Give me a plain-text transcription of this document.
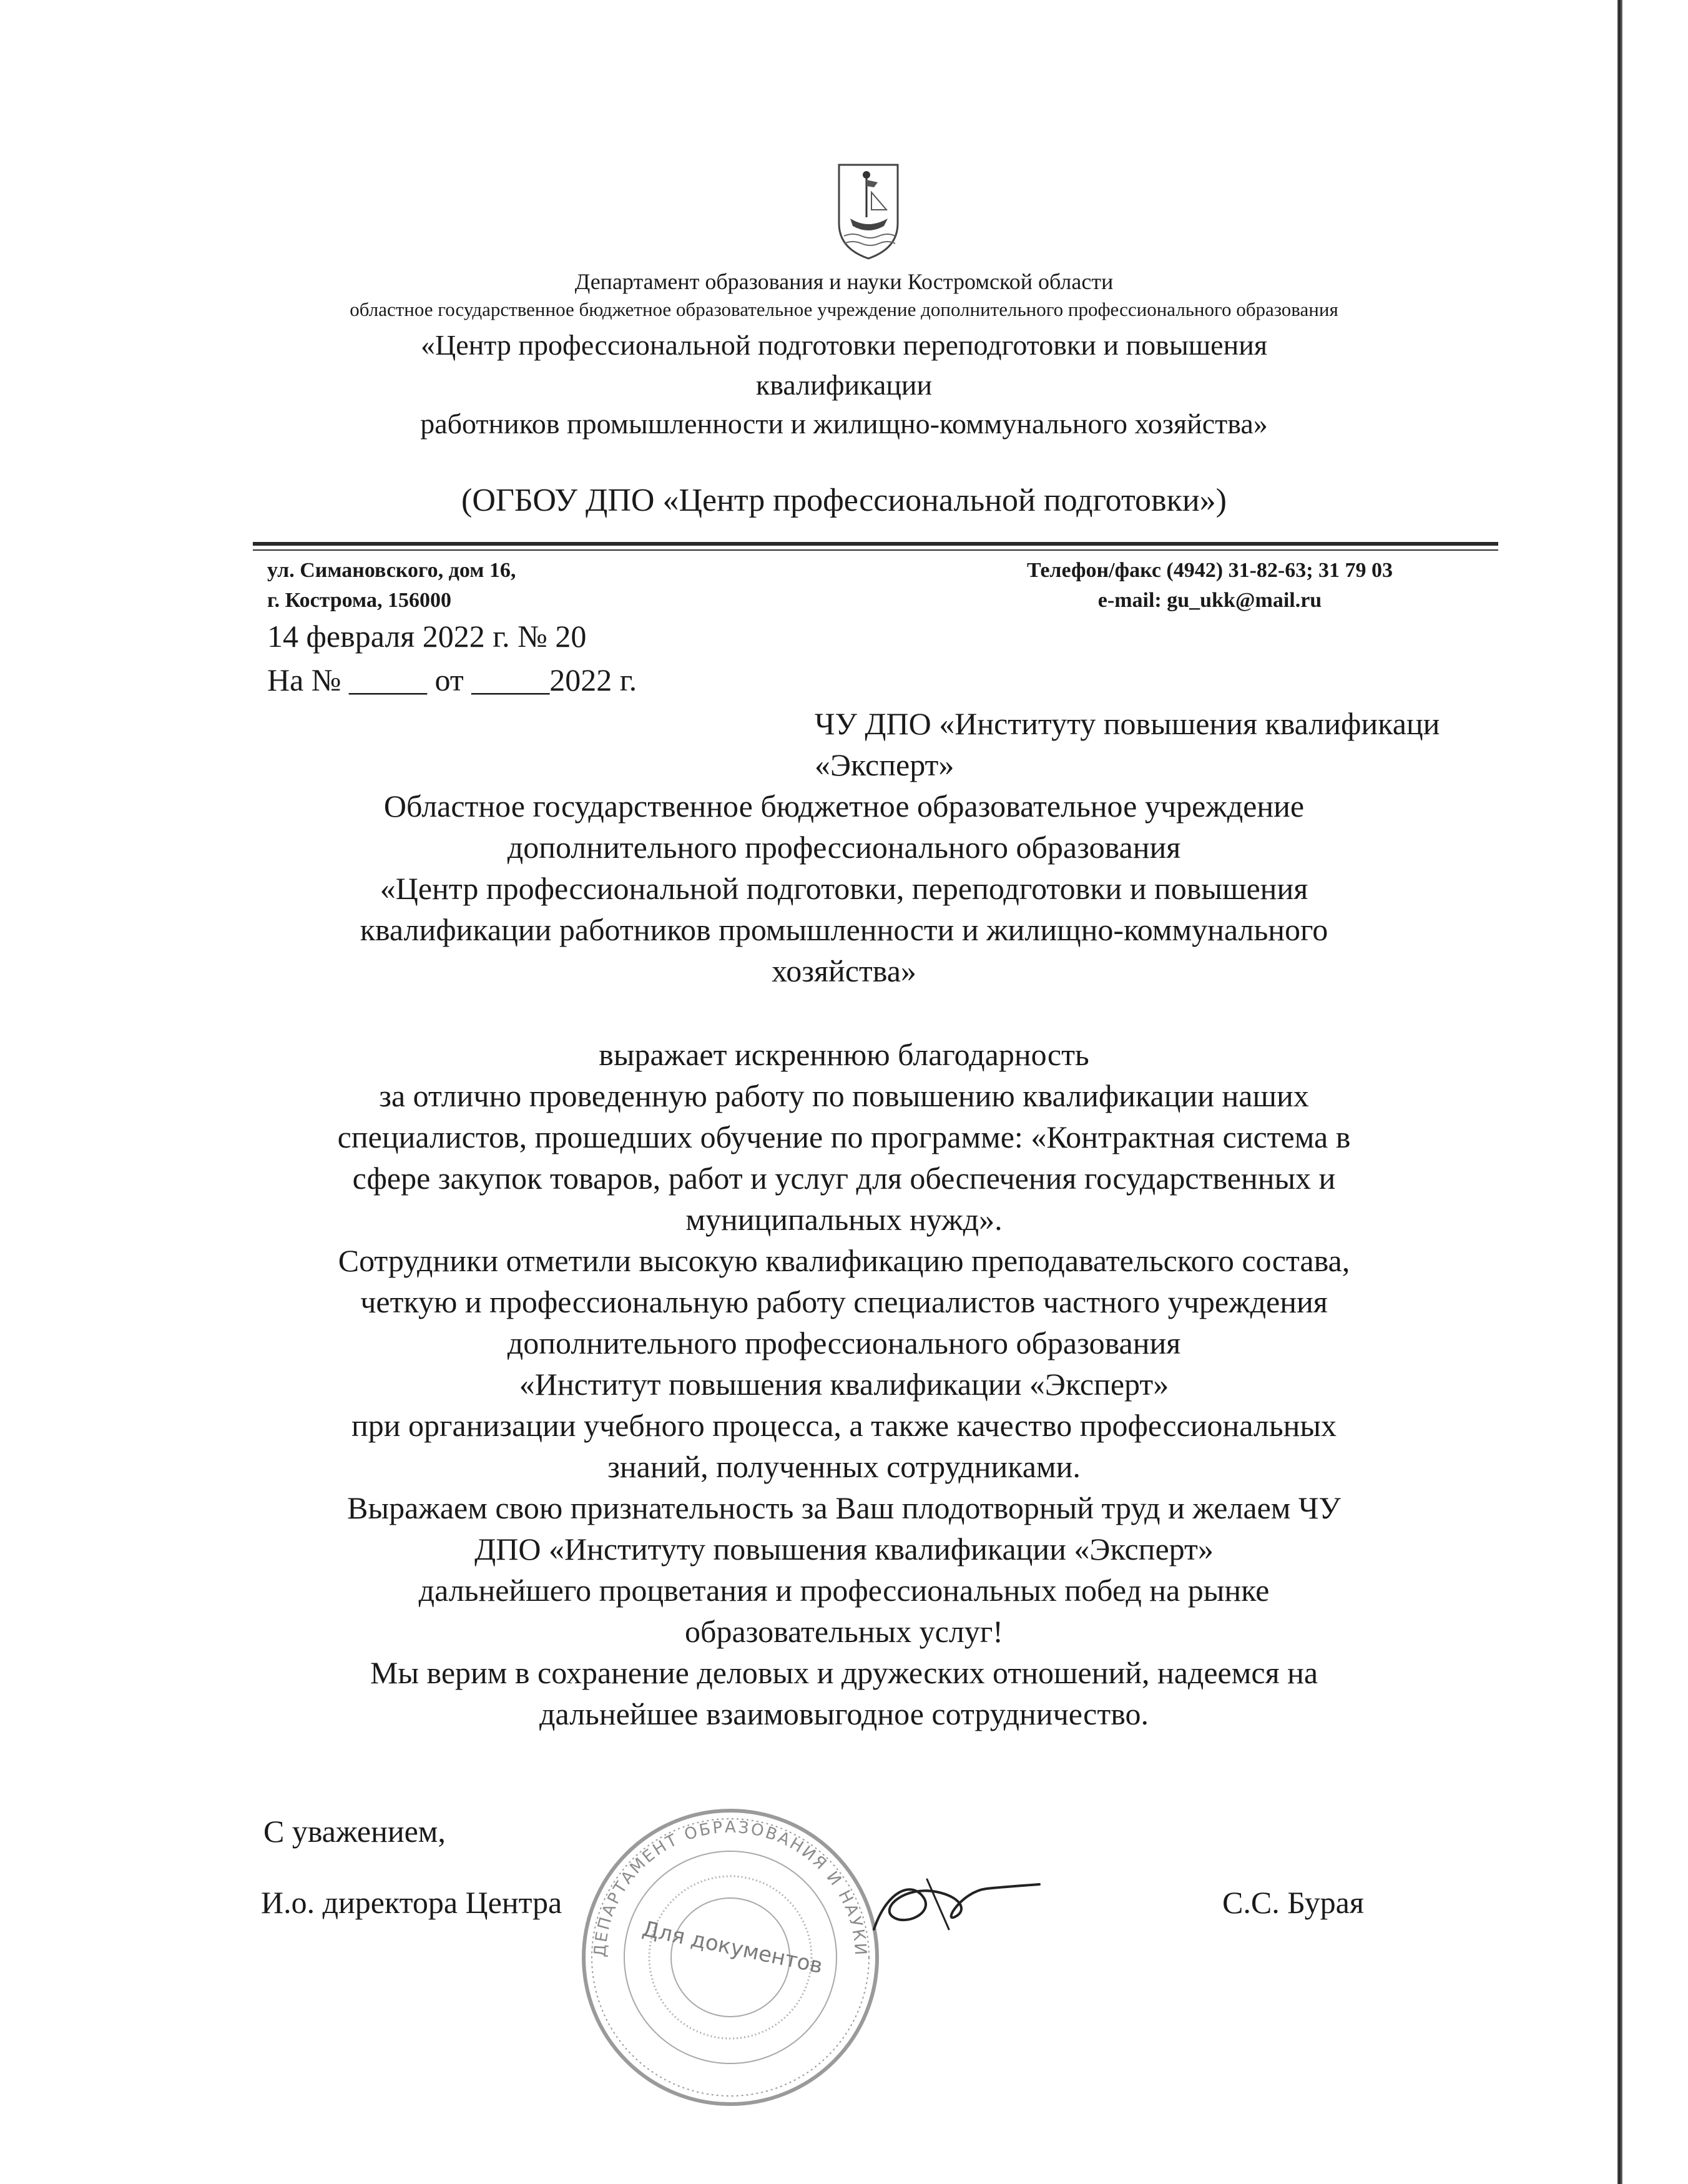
Департамент образования и науки Костромской области
областное государственное бюджетное образовательное учреждение дополнительного профессионального образования
«Центр профессиональной подготовки переподготовки и повышения
квалификации
работников промышленности и жилищно-коммунального хозяйства»
(ОГБОУ ДПО «Центр профессиональной подготовки»)
ул. Симановского, дом 16,
г. Кострома, 156000
Телефон/факс (4942) 31-82-63; 31 79 03
e-mail: gu_ukk@mail.ru
14 февраля 2022 г. № 20
На № _____ от _____2022 г.
ЧУ ДПО «Институту повышения квалификаци
«Эксперт»
Областное государственное бюджетное образовательное учреждение
дополнительного профессионального образования
«Центр профессиональной подготовки, переподготовки и повышения
квалификации работников промышленности и жилищно-коммунального
хозяйства»
выражает искреннюю благодарность
за отлично проведенную работу по повышению квалификации наших
специалистов, прошедших обучение по программе: «Контрактная система в
сфере закупок товаров, работ и услуг для обеспечения государственных и
муниципальных нужд».
Сотрудники отметили высокую квалификацию преподавательского состава,
четкую и профессиональную работу специалистов частного учреждения
дополнительного профессионального образования
«Институт повышения квалификации «Эксперт»
при организации учебного процесса, а также качество профессиональных
знаний, полученных сотрудниками.
Выражаем свою признательность за Ваш плодотворный труд и желаем ЧУ
ДПО «Институту повышения квалификации «Эксперт»
дальнейшего процветания и профессиональных побед на рынке
образовательных услуг!
Мы верим в сохранение деловых и дружеских отношений, надеемся на
дальнейшее взаимовыгодное сотрудничество.
С уважением,
И.о. директора Центра	С.С. Бурая
ДЕПАРТАМЕНТ ОБРАЗОВАНИЯ И НАУКИ
Для документов
